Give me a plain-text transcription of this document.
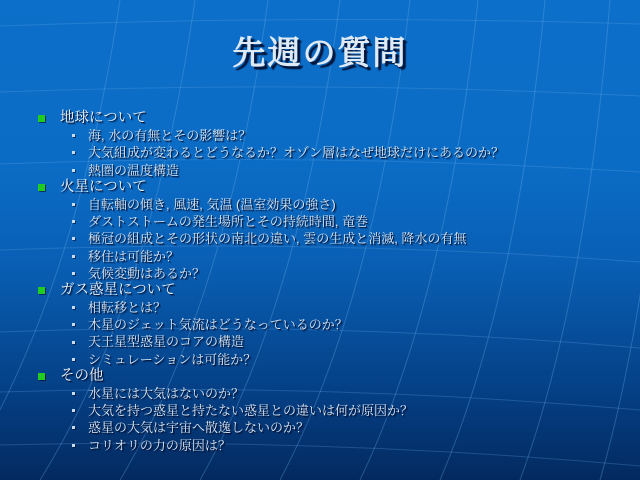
先週の質問
地球について
海, 水の有無とその影響は？
大気組成が変わるとどうなるか？オゾン層はなぜ地球だけにあるのか？
熱圏の温度構造
火星について
自転軸の傾き, 風速, 気温 (温室効果の強さ)
ダストストームの発生場所とその持続時間, 竜巻
極冠の組成とその形状の南北の違い, 雲の生成と消滅, 降水の有無
移住は可能か？
気候変動はあるか？
ガス惑星について
相転移とは？
木星のジェット気流はどうなっているのか？
天王星型惑星のコアの構造
シミュレーションは可能か？
その他
水星には大気はないのか？
大気を持つ惑星と持たない惑星との違いは何が原因か？
惑星の大気は宇宙へ散逸しないのか？
コリオリの力の原因は？
